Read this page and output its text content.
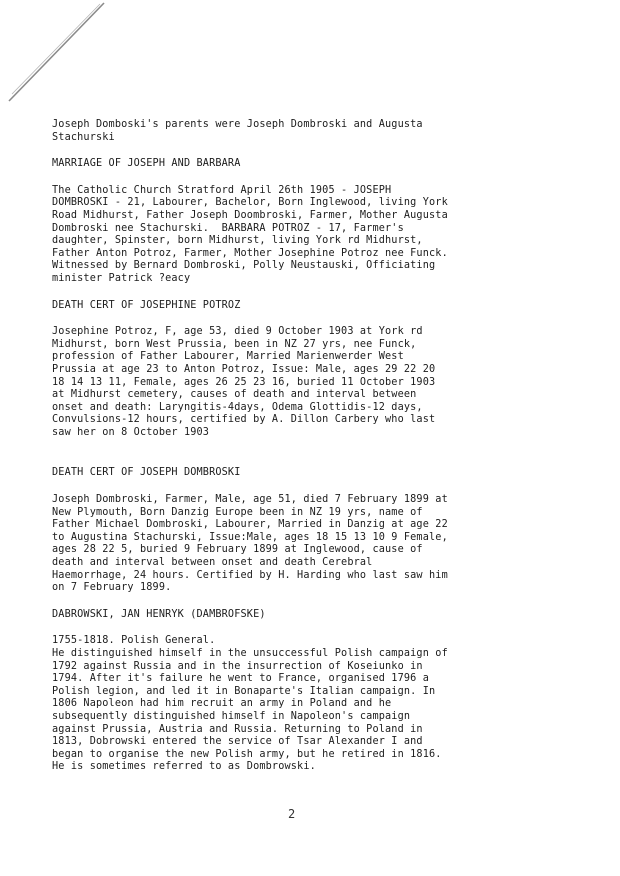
Joseph Domboski's parents were Joseph Dombroski and Augusta
Stachurski

MARRIAGE OF JOSEPH AND BARBARA

The Catholic Church Stratford April 26th 1905 - JOSEPH
DOMBROSKI - 21, Labourer, Bachelor, Born Inglewood, living York
Road Midhurst, Father Joseph Doombroski, Farmer, Mother Augusta
Dombroski nee Stachurski.  BARBARA POTROZ - 17, Farmer's
daughter, Spinster, born Midhurst, living York rd Midhurst,
Father Anton Potroz, Farmer, Mother Josephine Potroz nee Funck.
Witnessed by Bernard Dombroski, Polly Neustauski, Officiating
minister Patrick ?eacy

DEATH CERT OF JOSEPHINE POTROZ

Josephine Potroz, F, age 53, died 9 October 1903 at York rd
Midhurst, born West Prussia, been in NZ 27 yrs, nee Funck,
profession of Father Labourer, Married Marienwerder West
Prussia at age 23 to Anton Potroz, Issue: Male, ages 29 22 20
18 14 13 11, Female, ages 26 25 23 16, buried 11 October 1903
at Midhurst cemetery, causes of death and interval between
onset and death: Laryngitis-4days, Odema Glottidis-12 days,
Convulsions-12 hours, certified by A. Dillon Carbery who last
saw her on 8 October 1903

DEATH CERT OF JOSEPH DOMBROSKI

Joseph Dombroski, Farmer, Male, age 51, died 7 February 1899 at
New Plymouth, Born Danzig Europe been in NZ 19 yrs, name of
Father Michael Dombroski, Labourer, Married in Danzig at age 22
to Augustina Stachurski, Issue:Male, ages 18 15 13 10 9 Female,
ages 28 22 5, buried 9 February 1899 at Inglewood, cause of
death and interval between onset and death Cerebral
Haemorrhage, 24 hours. Certified by H. Harding who last saw him
on 7 February 1899.

DABROWSKI, JAN HENRYK (DAMBROFSKE)

1755-1818. Polish General.
He distinguished himself in the unsuccessful Polish campaign of
1792 against Russia and in the insurrection of Koseiunko in
1794. After it's failure he went to France, organised 1796 a
Polish legion, and led it in Bonaparte's Italian campaign. In
1806 Napoleon had him recruit an army in Poland and he
subsequently distinguished himself in Napoleon's campaign
against Prussia, Austria and Russia. Returning to Poland in
1813, Dobrowski entered the service of Tsar Alexander I and
began to organise the new Polish army, but he retired in 1816.
He is sometimes referred to as Dombrowski.

2
